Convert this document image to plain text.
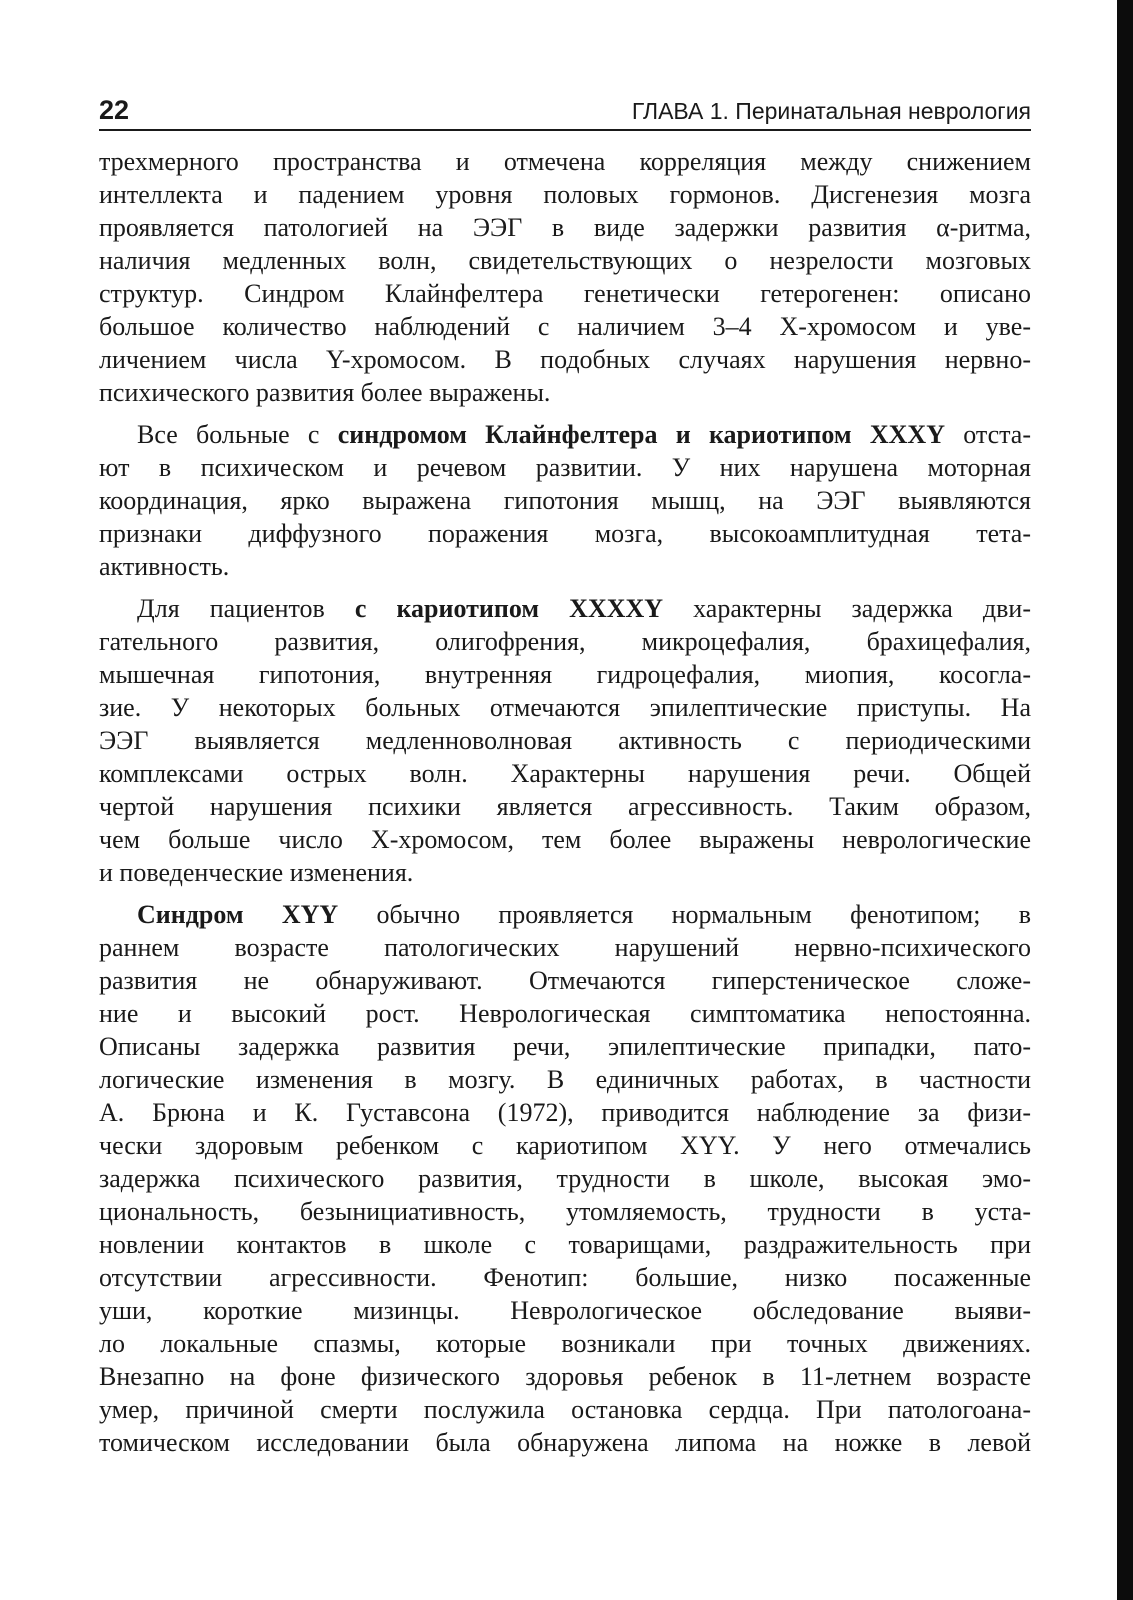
22	ГЛАВА 1. Перинатальная неврология
трехмерного пространства и отмечена корреляция между снижением
интеллекта и падением уровня половых гормонов. Дисгенезия мозга
проявляется патологией на ЭЭГ в виде задержки развития α-ритма,
наличия медленных волн, свидетельствующих о незрелости мозговых
структур. Синдром Клайнфелтера генетически гетерогенен: описано
большое количество наблюдений с наличием 3–4 X-хромосом и уве-
личением числа Y-хромосом. В подобных случаях нарушения нервно-
психического развития более выражены.
Все больные с синдромом Клайнфелтера и кариотипом XXXY отста-
ют в психическом и речевом развитии. У них нарушена моторная
координация, ярко выражена гипотония мышц, на ЭЭГ выявляются
признаки диффузного поражения мозга, высокоамплитудная тета-
активность.
Для пациентов с кариотипом XXXXY характерны задержка дви-
гательного развития, олигофрения, микроцефалия, брахицефалия,
мышечная гипотония, внутренняя гидроцефалия, миопия, косогла-
зие. У некоторых больных отмечаются эпилептические приступы. На
ЭЭГ выявляется медленноволновая активность с периодическими
комплексами острых волн. Характерны нарушения речи. Общей
чертой нарушения психики является агрессивность. Таким образом,
чем больше число X-хромосом, тем более выражены неврологические
и поведенческие изменения.
Синдром XYY обычно проявляется нормальным фенотипом; в
раннем возрасте патологических нарушений нервно-психического
развития не обнаруживают. Отмечаются гиперстеническое сложе-
ние и высокий рост. Неврологическая симптоматика непостоянна.
Описаны задержка развития речи, эпилептические припадки, пато-
логические изменения в мозгу. В единичных работах, в частности
А. Брюна и К. Густавсона (1972), приводится наблюдение за физи-
чески здоровым ребенком с кариотипом XYY. У него отмечались
задержка психического развития, трудности в школе, высокая эмо-
циональность, безынициативность, утомляемость, трудности в уста-
новлении контактов в школе с товарищами, раздражительность при
отсутствии агрессивности. Фенотип: большие, низко посаженные
уши, короткие мизинцы. Неврологическое обследование выяви-
ло локальные спазмы, которые возникали при точных движениях.
Внезапно на фоне физического здоровья ребенок в 11-летнем возрасте
умер, причиной смерти послужила остановка сердца. При патологоана-
томическом исследовании была обнаружена липома на ножке в левой
